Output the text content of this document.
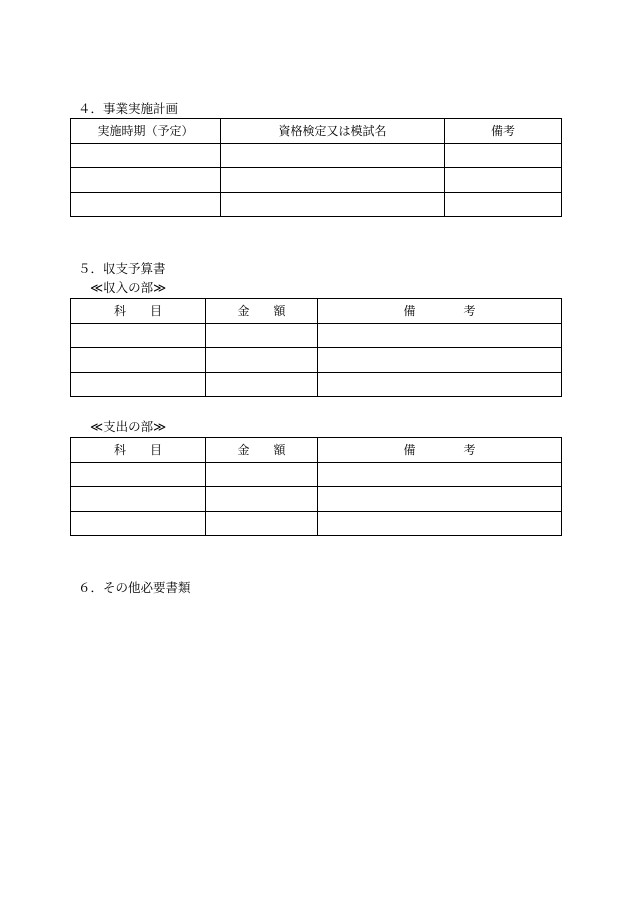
４．事業実施計画
実施時期（予定）	資格検定又は模試名	備考

５．収支予算書
≪収入の部≫
科　　目	金　　額	備　　　　考

≪支出の部≫
科　　目	金　　額	備　　　　考

６．その他必要書類
